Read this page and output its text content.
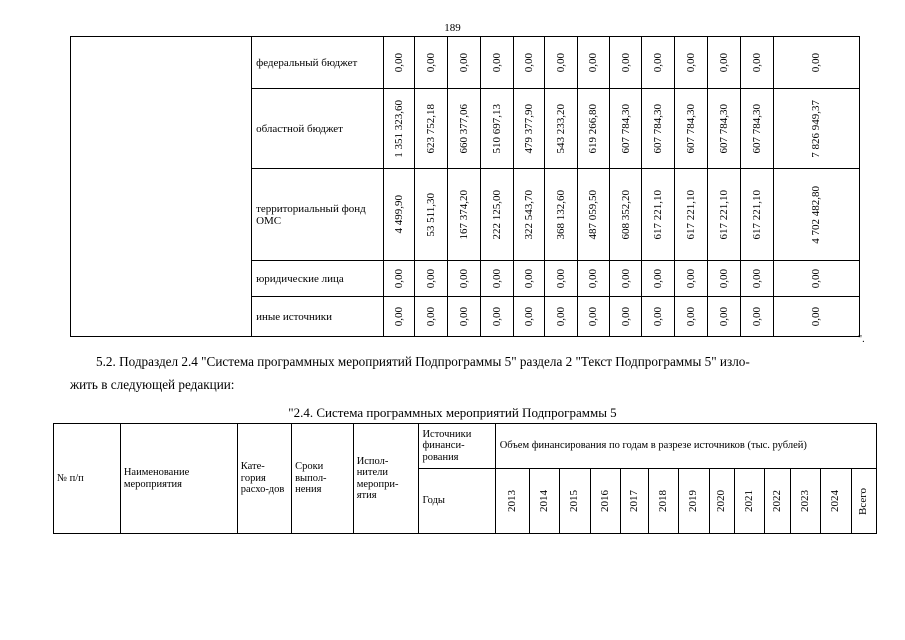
189
	федеральный бюджет	0,00	0,00	0,00	0,00	0,00	0,00	0,00	0,00	0,00	0,00	0,00	0,00	0,00

	областной бюджет	1 351 323,60	623 752,18	660 377,06	510 697,13	479 377,90	543 233,20	619 266,80	607 784,30	607 784,30	607 784,30	607 784,30	607 784,30	7 826 949,37

	территориальный фонд ОМС	4 499,90	53 511,30	167 374,20	222 125,00	322 543,70	368 132,60	487 059,50	608 352,20	617 221,10	617 221,10	617 221,10	617 221,10	4 702 482,80

	юридические лица	0,00	0,00	0,00	0,00	0,00	0,00	0,00	0,00	0,00	0,00	0,00	0,00	0,00

	иные источники	0,00	0,00	0,00	0,00	0,00	0,00	0,00	0,00	0,00	0,00	0,00	0,00	0,00
".
5.2. Подраздел 2.4 "Система программных мероприятий Подпрограммы 5" раздела 2 "Текст Подпрограммы 5" изло-
жить в следующей редакции:
"2.4. Система программных мероприятий Подпрограммы 5
№ п/п	Наименование мероприятия	Кате-гория расхо-дов	Сроки выпол-нения	Испол-нители меропри-ятия	Источники финанси-рования	Объем финансирования по годам в разрезе источников (тыс. рублей)												
					Годы	2013	2014	2015	2016	2017	2018	2019	2020	2021	2022	2023	2024	Всего
